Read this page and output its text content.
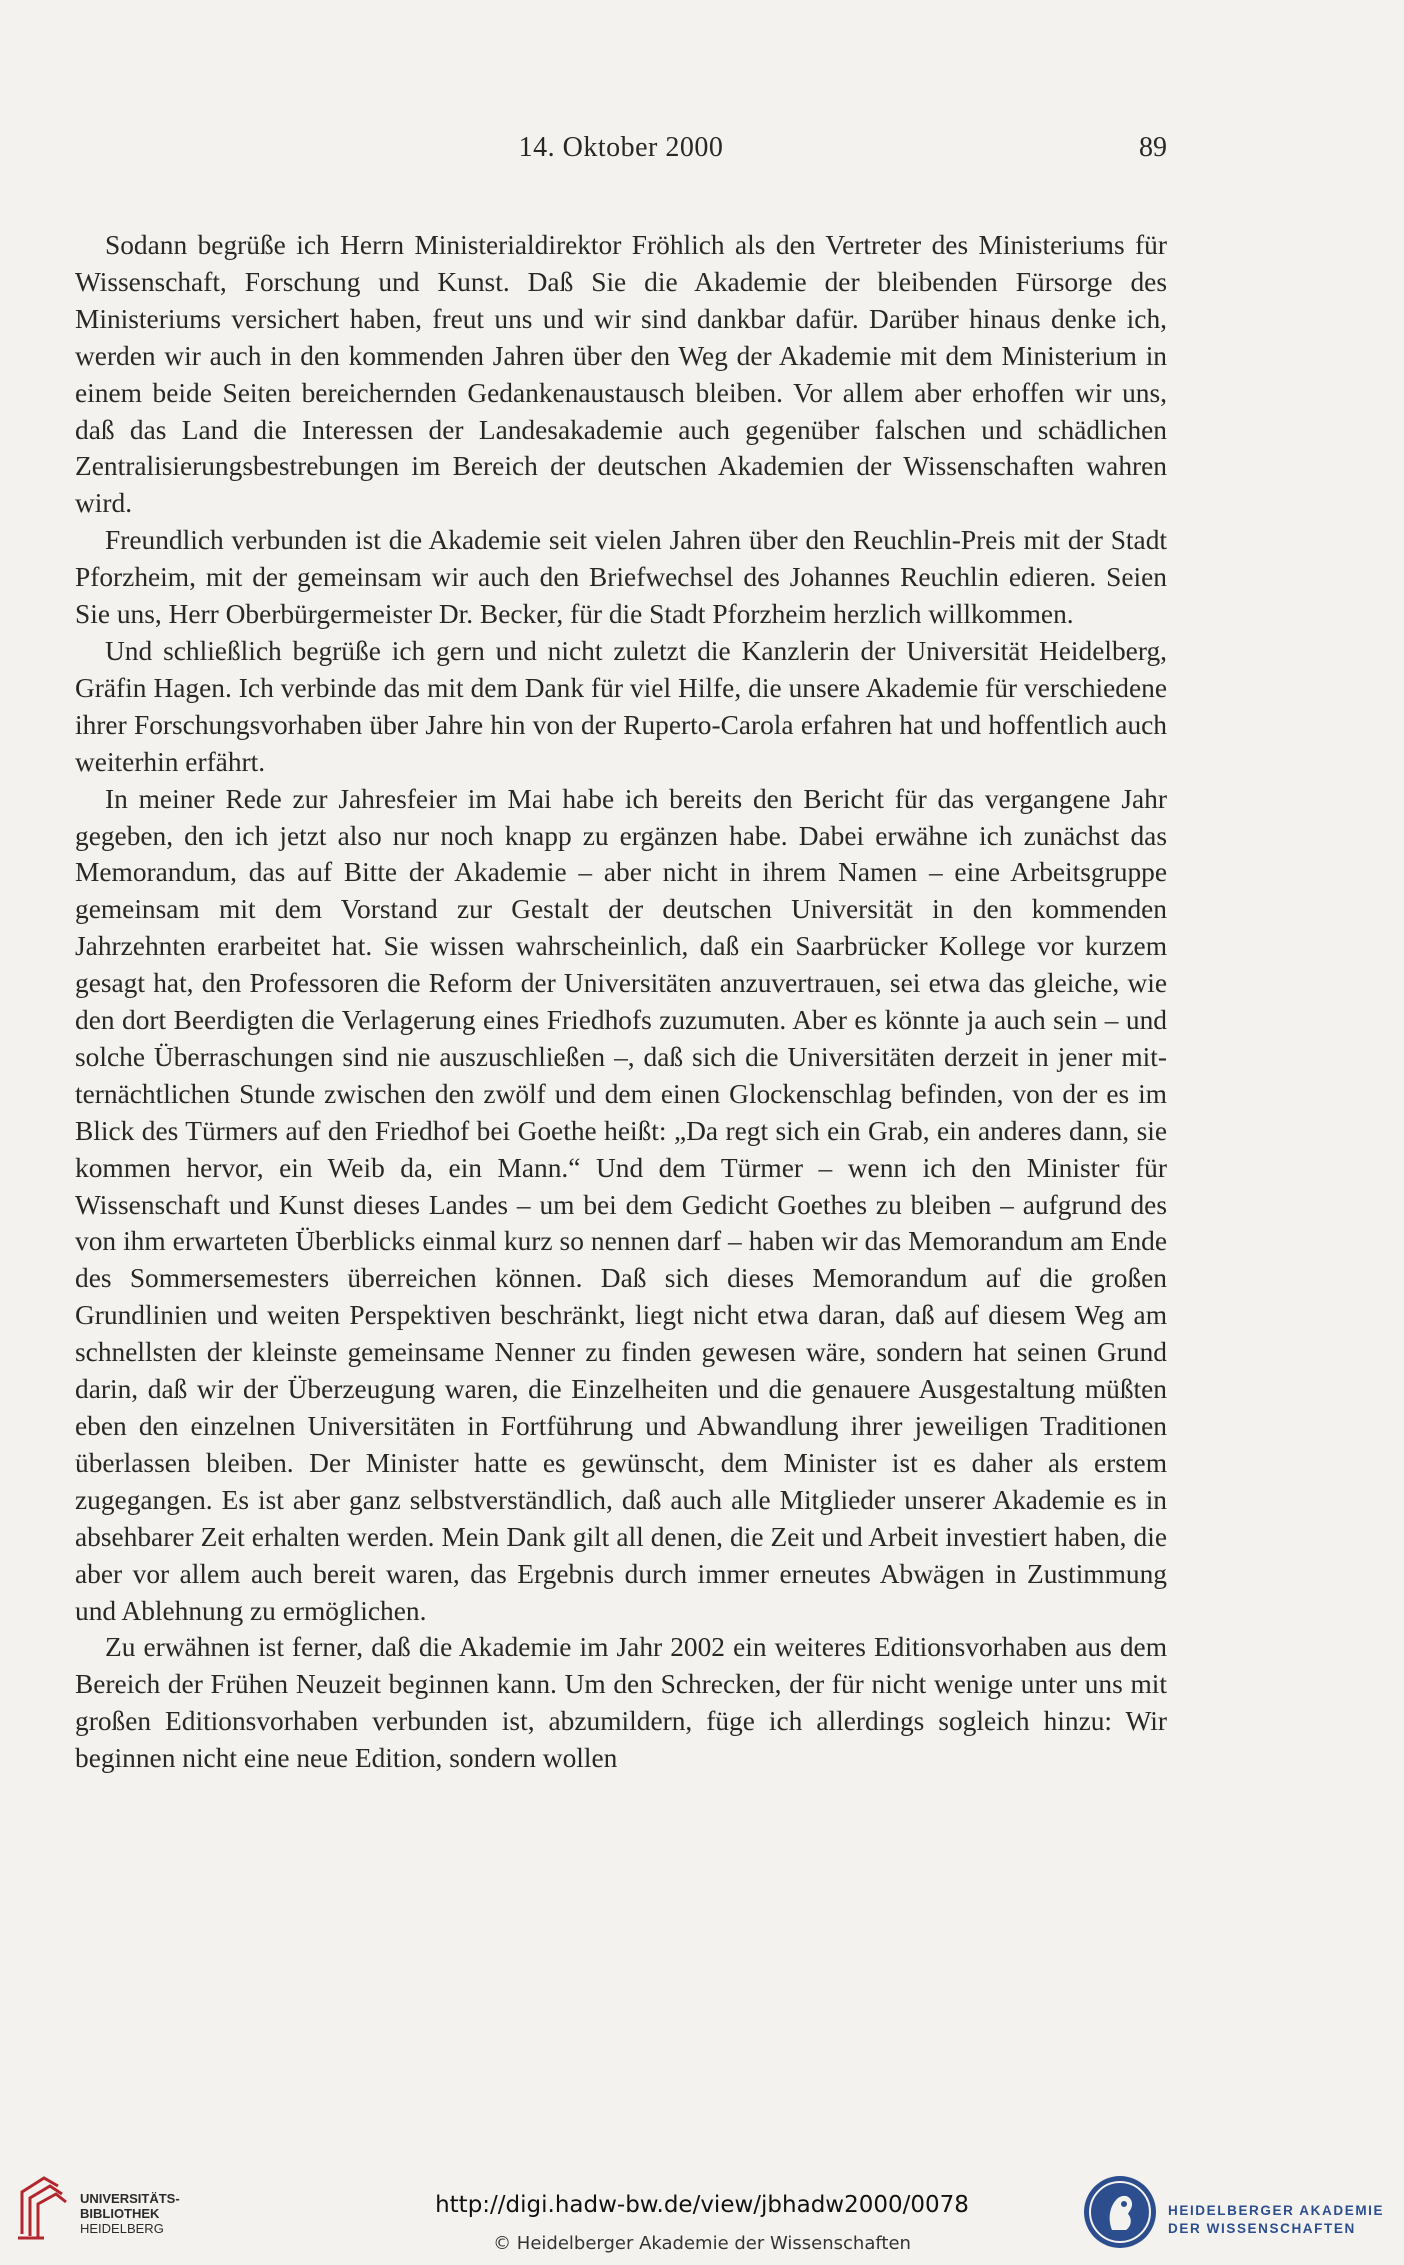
14. Oktober 2000	89

Sodann begrüße ich Herrn Ministerialdirektor Fröhlich als den Vertreter des Ministeriums für Wissenschaft, Forschung und Kunst. Daß Sie die Akademie der bleibenden Fürsorge des Ministeriums versichert haben, freut uns und wir sind dankbar dafür. Darüber hinaus denke ich, werden wir auch in den kommenden Jahren über den Weg der Akademie mit dem Ministerium in einem beide Seiten bereichernden Gedankenaustausch bleiben. Vor allem aber erhoffen wir uns, daß das Land die Interessen der Landesakademie auch gegenüber falschen und schädlichen Zentralisierungsbestrebungen im Bereich der deutschen Akademien der Wissenschaften wahren wird.

Freundlich verbunden ist die Akademie seit vielen Jahren über den Reuchlin-Preis mit der Stadt Pforzheim, mit der gemeinsam wir auch den Briefwechsel des Johannes Reuchlin edieren. Seien Sie uns, Herr Oberbürgermeister Dr. Becker, für die Stadt Pforzheim herzlich willkommen.

Und schließlich begrüße ich gern und nicht zuletzt die Kanzlerin der Universität Heidelberg, Gräfin Hagen. Ich verbinde das mit dem Dank für viel Hilfe, die unsere Akademie für verschiedene ihrer Forschungsvorhaben über Jahre hin von der Ruperto-Carola erfahren hat und hoffentlich auch weiterhin erfährt.

In meiner Rede zur Jahresfeier im Mai habe ich bereits den Bericht für das vergangene Jahr gegeben, den ich jetzt also nur noch knapp zu ergänzen habe. Dabei erwähne ich zunächst das Memorandum, das auf Bitte der Akademie – aber nicht in ihrem Namen – eine Arbeitsgruppe gemeinsam mit dem Vorstand zur Gestalt der deutschen Universität in den kommenden Jahrzehnten erarbeitet hat. Sie wissen wahrscheinlich, daß ein Saarbrücker Kollege vor kurzem gesagt hat, den Professoren die Reform der Universitäten anzuvertrauen, sei etwa das gleiche, wie den dort Beerdigten die Verlagerung eines Friedhofs zuzumuten. Aber es könnte ja auch sein – und solche Überraschungen sind nie auszuschließen –, daß sich die Universitäten derzeit in jener mitternächtlichen Stunde zwischen den zwölf und dem einen Glockenschlag befinden, von der es im Blick des Türmers auf den Friedhof bei Goethe heißt: „Da regt sich ein Grab, ein anderes dann, sie kommen hervor, ein Weib da, ein Mann.“ Und dem Türmer – wenn ich den Minister für Wissenschaft und Kunst dieses Landes – um bei dem Gedicht Goethes zu bleiben – aufgrund des von ihm erwarteten Überblicks einmal kurz so nennen darf – haben wir das Memorandum am Ende des Sommersemesters überreichen können. Daß sich dieses Memorandum auf die großen Grundlinien und weiten Perspektiven beschränkt, liegt nicht etwa daran, daß auf diesem Weg am schnellsten der kleinste gemeinsame Nenner zu finden gewesen wäre, sondern hat seinen Grund darin, daß wir der Überzeugung waren, die Einzelheiten und die genauere Ausgestaltung müßten eben den einzelnen Universitäten in Fortführung und Abwandlung ihrer jeweiligen Traditionen überlassen bleiben. Der Minister hatte es gewünscht, dem Minister ist es daher als erstem zugegangen. Es ist aber ganz selbstverständlich, daß auch alle Mitglieder unserer Akademie es in absehbarer Zeit erhalten werden. Mein Dank gilt all denen, die Zeit und Arbeit investiert haben, die aber vor allem auch bereit waren, das Ergebnis durch immer erneutes Abwägen in Zustimmung und Ablehnung zu ermöglichen.

Zu erwähnen ist ferner, daß die Akademie im Jahr 2002 ein weiteres Editionsvorhaben aus dem Bereich der Frühen Neuzeit beginnen kann. Um den Schrecken, der für nicht wenige unter uns mit großen Editionsvorhaben verbunden ist, abzumildern, füge ich allerdings sogleich hinzu: Wir beginnen nicht eine neue Edition, sondern wollen

UNIVERSITÄTS-
BIBLIOTHEK
HEIDELBERG
http://digi.hadw-bw.de/view/jbhadw2000/0078
© Heidelberger Akademie der Wissenschaften
HEIDELBERGER AKADEMIE
DER WISSENSCHAFTEN
